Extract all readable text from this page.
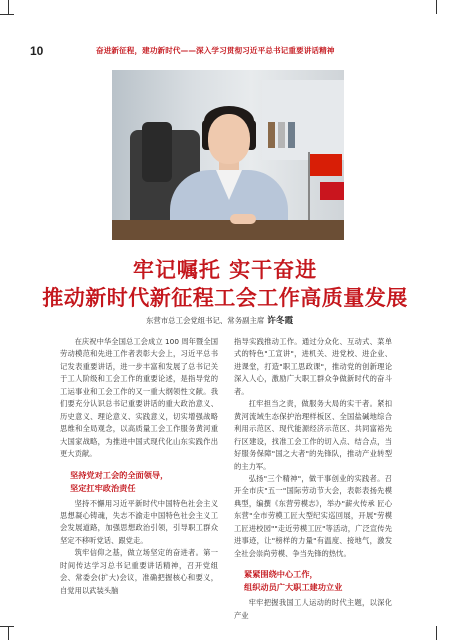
10	奋进新征程，建功新时代——深入学习贯彻习近平总书记重要讲话精神
牢记嘱托 实干奋进
推动新时代新征程工会工作高质量发展
东营市总工会党组书记、常务副主席 许冬霞

在庆祝中华全国总工会成立 100 周年暨全国劳动模范和先进工作者表彰大会上，习近平总书记发表重要讲话，进一步丰富和发展了总书记关于工人阶级和工会工作的重要论述，是指导党的工运事业和工会工作的又一重大纲领性文献。我们要充分认识总书记重要讲话的重大政治意义、历史意义、理论意义、实践意义，切实增强战略思维和全局观念，以高质量工会工作服务黄河重大国家战略，为推进中国式现代化山东实践作出更大贡献。

坚持党对工会的全面领导，
坚定扛牢政治责任

坚持不懈用习近平新时代中国特色社会主义思想凝心铸魂，失志不渝走中国特色社会主义工会发展道路，加强思想政治引领，引导职工群众坚定不移听党话、跟党走。

筑牢信仰之基，做立场坚定的奋进者。第一时间传达学习总书记重要讲话精神，召开党组会、常委会(扩大)会议，准确把握核心和要义，自觉用以武装头脑

指导实践推动工作。通过分众化、互动式、菜单式的特色"工宣讲"，进机关、进党校、进企业、进课堂，打造"职工思政课"，推动党的创新理论深入人心，激励广大职工群众争做新时代的奋斗者。

扛牢担当之责，做服务大局的实干者。紧扣黄河流域生态保护治理样板区、全国盐碱地综合利用示范区、现代能源经济示范区、共同富裕先行区建设，找准工会工作的切入点、结合点，当好服务保障"国之大者"的先锋队，推动产业转型的主力军。

弘扬"三个精神"，做干事创业的实践者。召开全市庆"五一"国际劳动节大会，表彰表扬先模典型，编撰《东营劳模志》，举办"薪火传承 匠心东营"全市劳模工匠大型纪实巡回展，开展"劳模工匠进校园""走近劳模工匠"等活动，广泛宣传先进事迹，让"榜样的力量"有温度、接地气，激发全社会崇尚劳模、争当先锋的热忱。

紧紧围绕中心工作，
组织动员广大职工建功立业

牢牢把握我国工人运动的时代主题，以深化产业
